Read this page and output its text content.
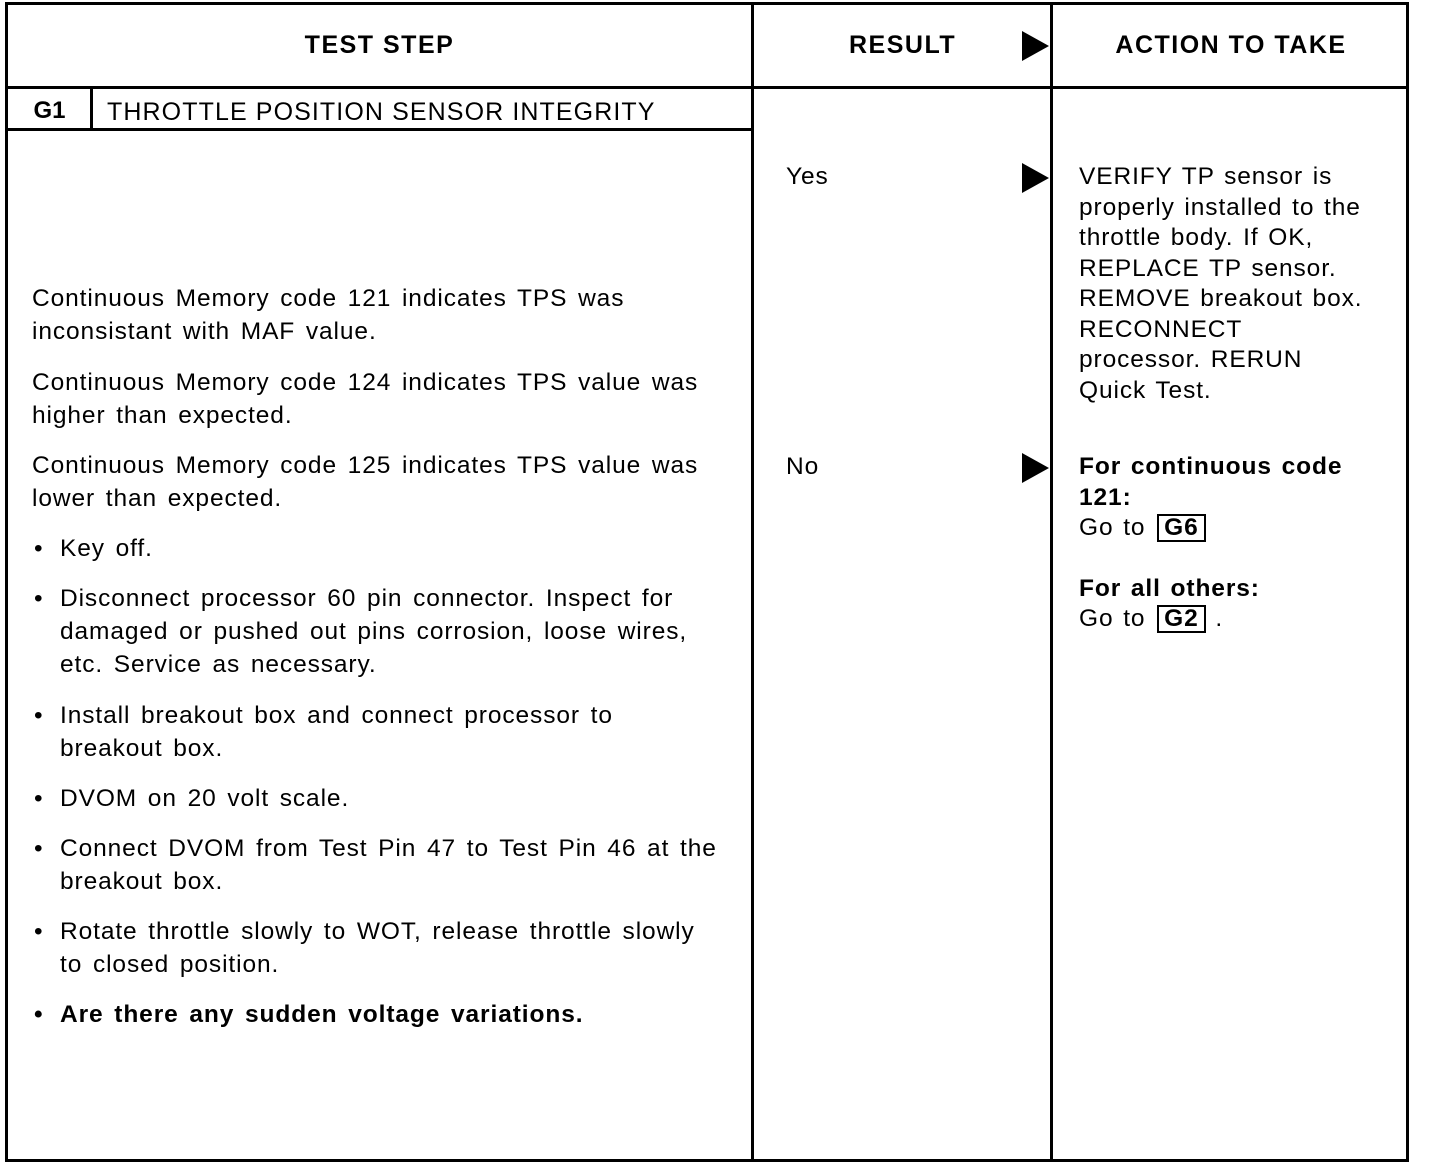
TEST STEP	RESULT	ACTION TO TAKE
G1	THROTTLE POSITION SENSOR INTEGRITY
Continuous Memory code 121 indicates TPS was inconsistant with MAF value.
Continuous Memory code 124 indicates TPS value was higher than expected.
Continuous Memory code 125 indicates TPS value was lower than expected.
• Key off.
• Disconnect processor 60 pin connector. Inspect for damaged or pushed out pins corrosion, loose wires, etc. Service as necessary.
• Install breakout box and connect processor to breakout box.
• DVOM on 20 volt scale.
• Connect DVOM from Test Pin 47 to Test Pin 46 at the breakout box.
• Rotate throttle slowly to WOT, release throttle slowly to closed position.
• Are there any sudden voltage variations.
Yes	VERIFY TP sensor is
properly installed to the
throttle body. If OK,
REPLACE TP sensor.
REMOVE breakout box.
RECONNECT
processor. RERUN
Quick Test.
No	For continuous code
121:
Go to G6
For all others:
Go to G2 .
